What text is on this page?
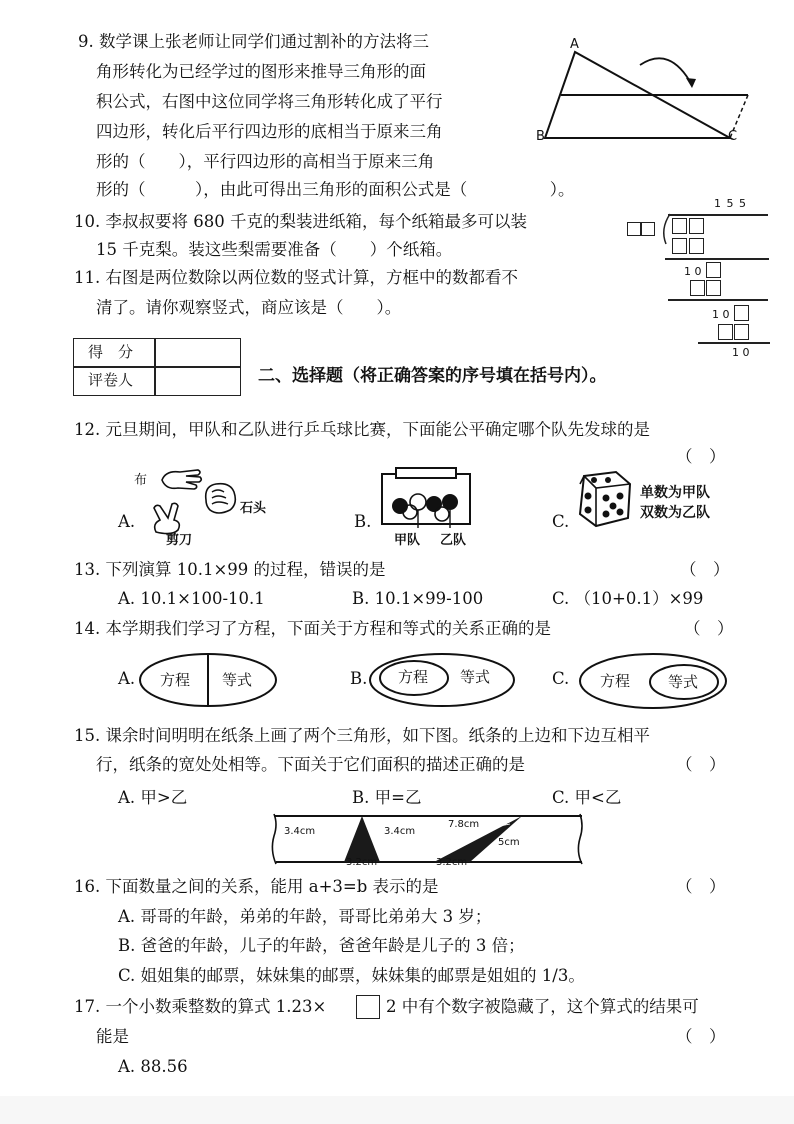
9. 数学课上张老师让同学们通过割补的方法将三
角形转化为已经学过的图形来推导三角形的面
积公式，右图中这位同学将三角形转化成了平行
四边形，转化后平行四边形的底相当于原来三角
形的（　　），平行四边形的高相当于原来三角
形的（　　　），由此可得出三角形的面积公式是（　　　　　）。
A
B	C
10. 李叔叔要将 680 千克的梨装进纸箱，每个纸箱最多可以装
15 千克梨。装这些梨需要准备（　　）个纸箱。
11. 右图是两位数除以两位数的竖式计算，方框中的数都看不
清了。请你观察竖式，商应该是（　　）。
1 5 5
1 0
1 0
1 0
得　分
评卷人	二、选择题（将正确答案的序号填在括号内）。
12. 元旦期间，甲队和乙队进行乒乓球比赛，下面能公平确定哪个队先发球的是
（　）
A.
布
石头
剪刀
B.
甲队 乙队
C.
单数为甲队
双数为乙队
13. 下列演算 10.1×99 的过程，错误的是	（　）
A. 10.1×100-10.1	B. 10.1×99-100	C. （10+0.1）×99
14. 本学期我们学习了方程，下面关于方程和等式的关系正确的是	（　）
A. 方程 等式	B. 方程 等式	C. 方程	等式
15. 课余时间明明在纸条上画了两个三角形，如下图。纸条的上边和下边互相平
行，纸条的宽处处相等。下面关于它们面积的描述正确的是	（　）
A. 甲>乙	B. 甲=乙	C. 甲<乙
3.4cm	3.4cm
3.2cm
7.8cm
5cm
3.2cm
16. 下面数量之间的关系，能用 a+3=b 表示的是	（　）
A. 哥哥的年龄，弟弟的年龄，哥哥比弟弟大 3 岁；
B. 爸爸的年龄，儿子的年龄，爸爸年龄是儿子的 3 倍；
C. 姐姐集的邮票，妹妹集的邮票，妹妹集的邮票是姐姐的 1/3。
17. 一个小数乘整数的算式 1.23×	2 中有个数字被隐藏了，这个算式的结果可
能是	（　）
A. 88.56
